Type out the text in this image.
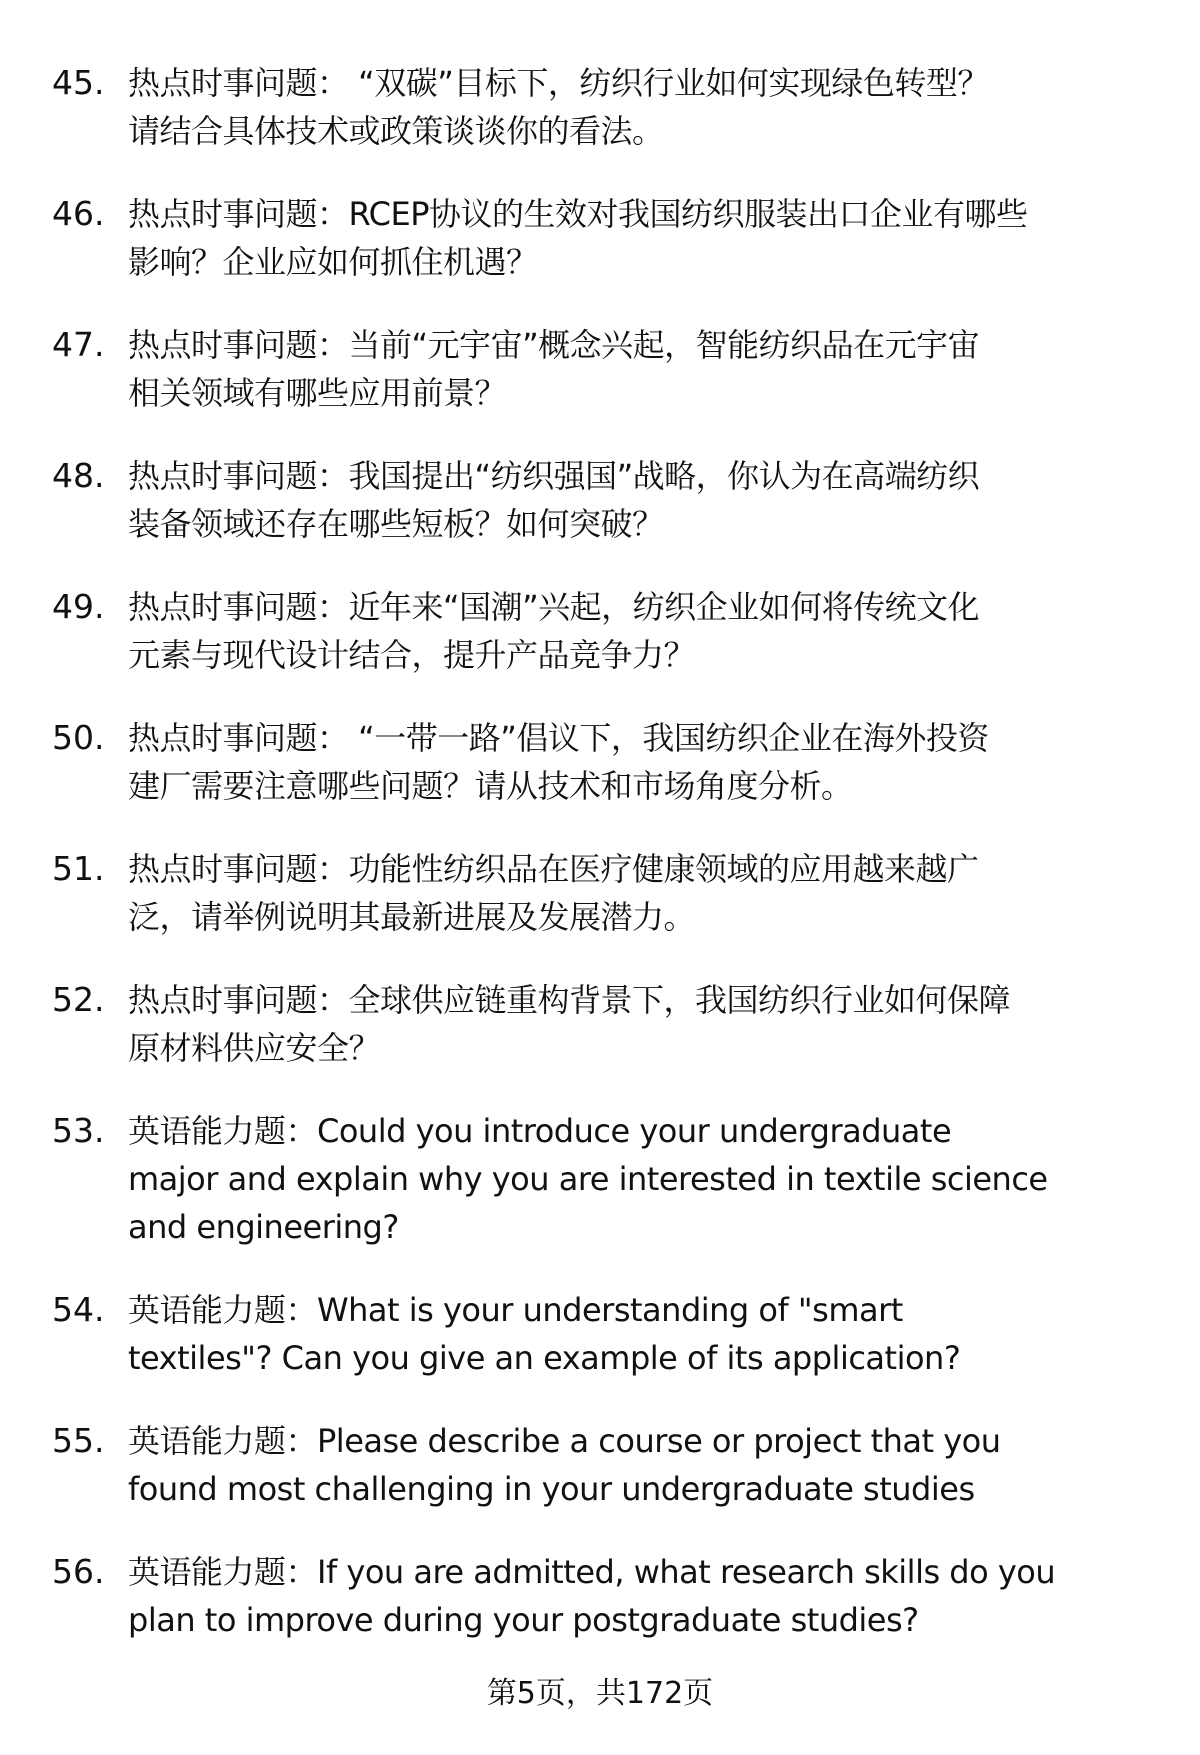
45. 热点时事问题： “双碳”目标下，纺织行业如何实现绿色转型？
请结合具体技术或政策谈谈你的看法。
46. 热点时事问题：RCEP协议的生效对我国纺织服装出口企业有哪些
影响？企业应如何抓住机遇？
47. 热点时事问题：当前“元宇宙”概念兴起，智能纺织品在元宇宙
相关领域有哪些应用前景？
48. 热点时事问题：我国提出“纺织强国”战略，你认为在高端纺织
装备领域还存在哪些短板？如何突破？
49. 热点时事问题：近年来“国潮”兴起，纺织企业如何将传统文化
元素与现代设计结合，提升产品竞争力？
50. 热点时事问题： “一带一路”倡议下，我国纺织企业在海外投资
建厂需要注意哪些问题？请从技术和市场角度分析。
51. 热点时事问题：功能性纺织品在医疗健康领域的应用越来越广
泛，请举例说明其最新进展及发展潜力。
52. 热点时事问题：全球供应链重构背景下，我国纺织行业如何保障
原材料供应安全？
53. 英语能力题：Could you introduce your undergraduate
major and explain why you are interested in textile science
and engineering?
54. 英语能力题：What is your understanding of "smart
textiles"? Can you give an example of its application?
55. 英语能力题：Please describe a course or project that you
found most challenging in your undergraduate studies
56. 英语能力题：If you are admitted, what research skills do you
plan to improve during your postgraduate studies?
第5页，共172页
